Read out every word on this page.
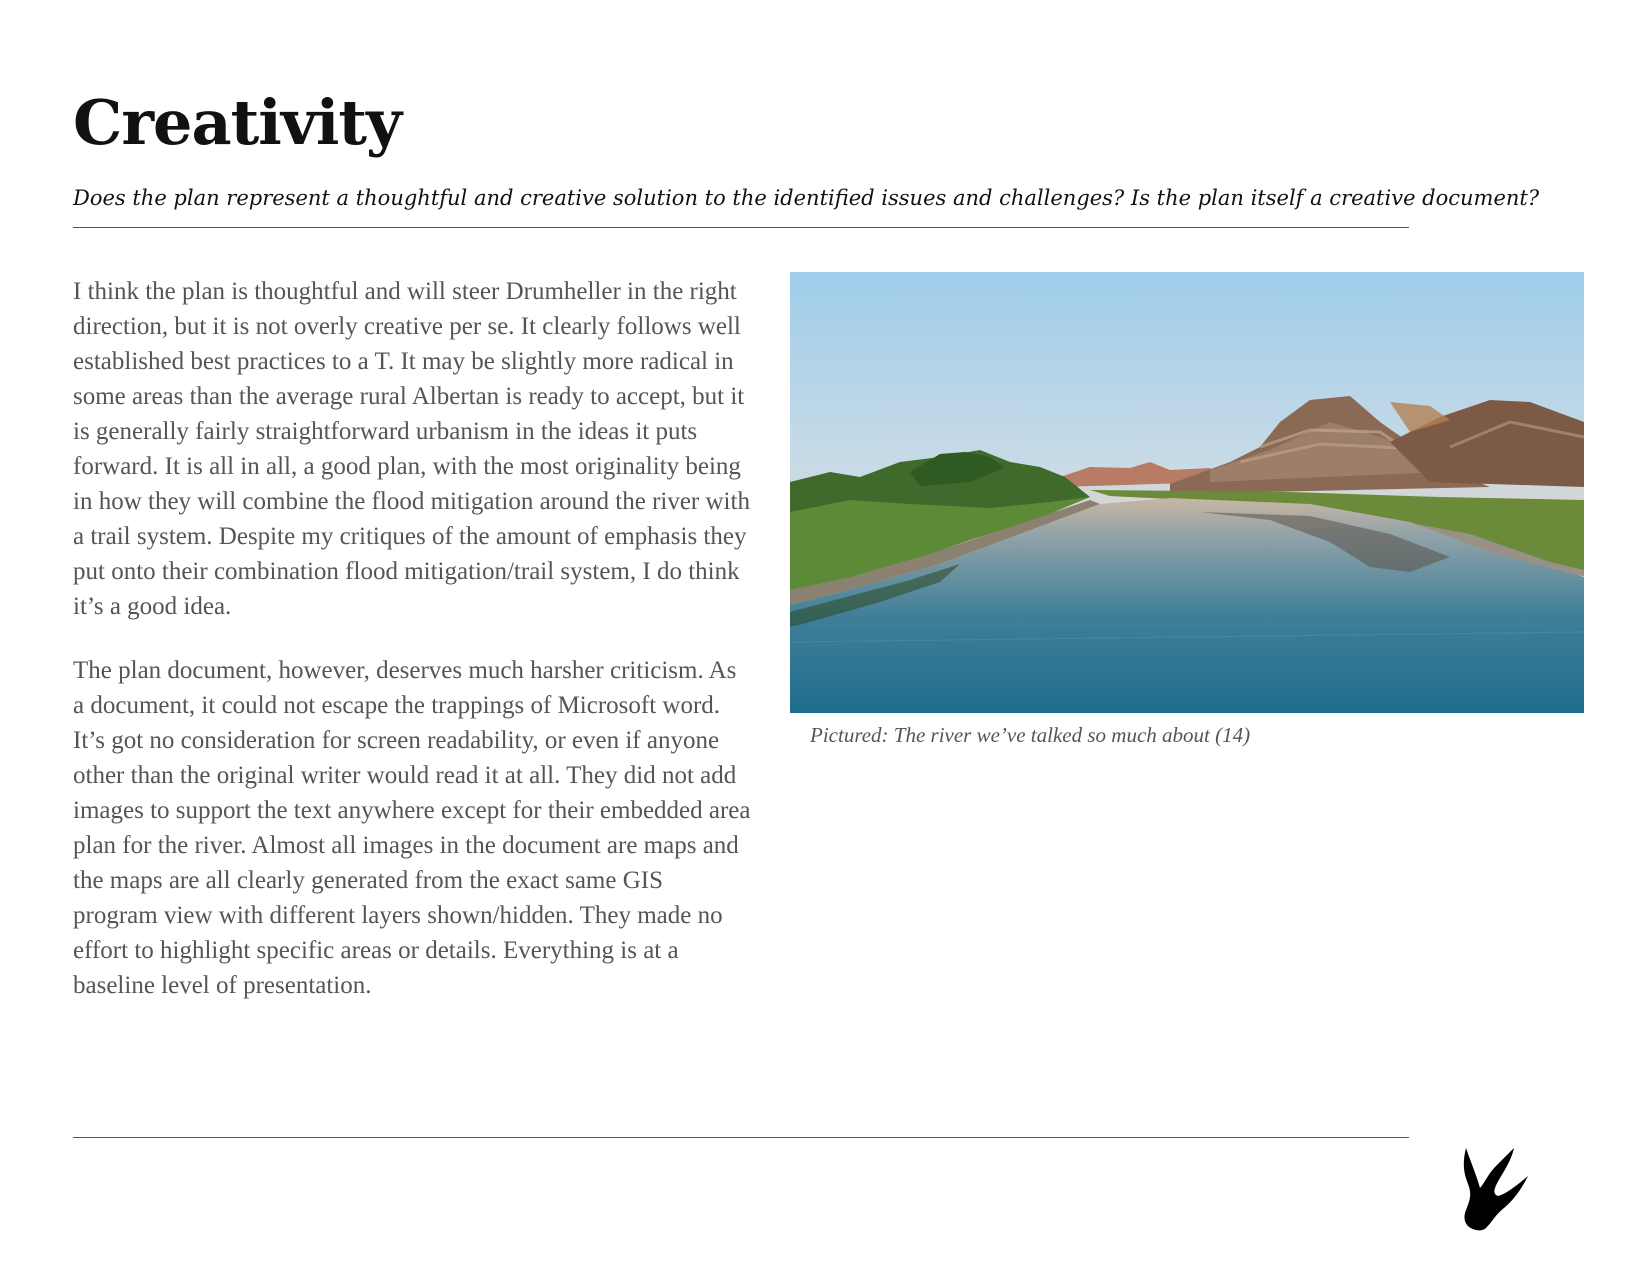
Creativity

Does the plan represent a thoughtful and creative solution to the identified issues and challenges? Is the plan itself a creative document?

I think the plan is thoughtful and will steer Drumheller in the right direction, but it is not overly creative per se. It clearly follows well established best practices to a T. It may be slightly more radical in some areas than the average rural Albertan is ready to accept, but it is generally fairly straightforward urbanism in the ideas it puts forward. It is all in all, a good plan, with the most originality being in how they will combine the flood mitigation around the river with a trail system. Despite my critiques of the amount of emphasis they put onto their combination flood mitigation/trail system, I do think it’s a good idea.

The plan document, however, deserves much harsher criticism. As a document, it could not escape the trappings of Microsoft word. It’s got no consideration for screen readability, or even if anyone other than the original writer would read it at all. They did not add images to support the text anywhere except for their embedded area plan for the river. Almost all images in the document are maps and the maps are all clearly generated from the exact same GIS program view with different layers shown/hidden. They made no effort to highlight specific areas or details. Everything is at a baseline level of presentation.

Pictured: The river we’ve talked so much about (14)
